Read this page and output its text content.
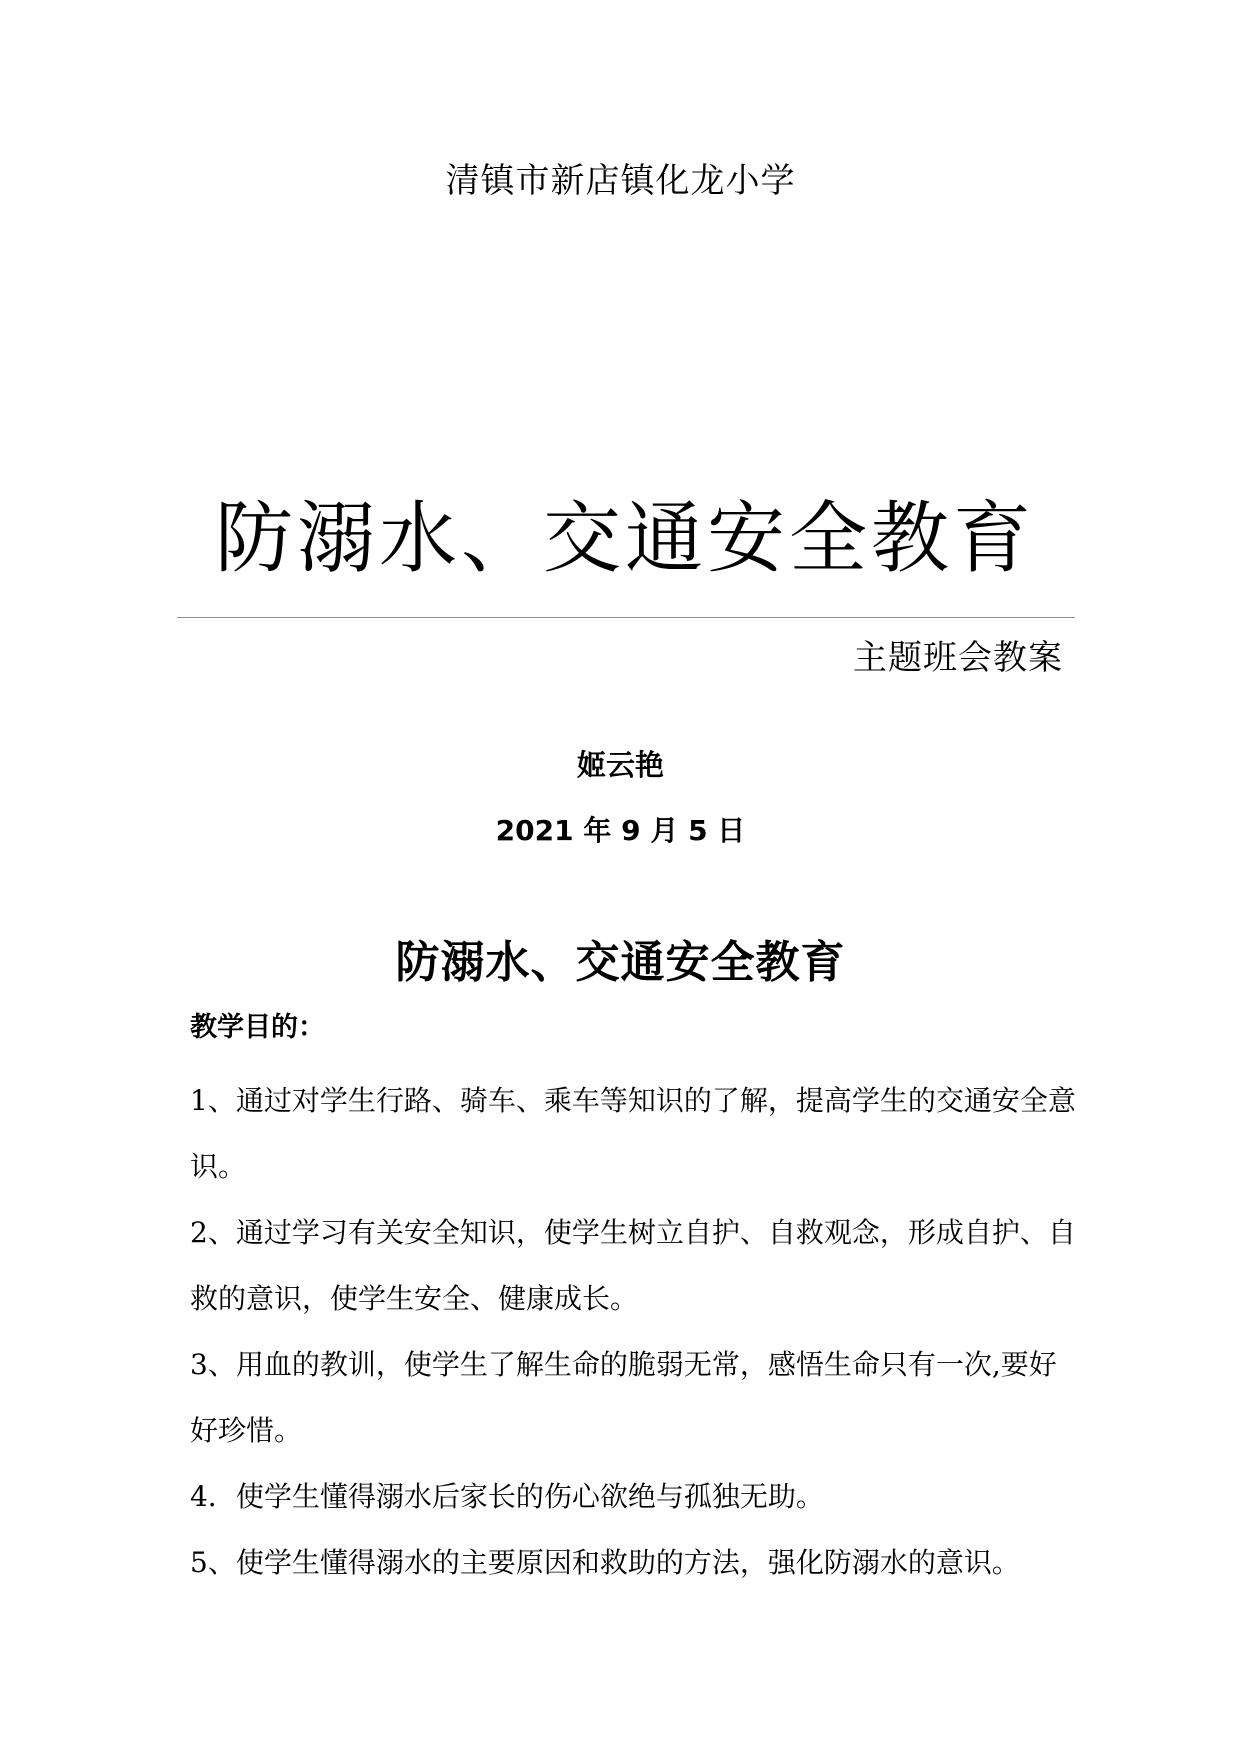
清镇市新店镇化龙小学
防溺水、交通安全教育
主题班会教案
姬云艳
2021 年 9 月 5 日
防溺水、交通安全教育
教学目的：
1、通过对学生行路、骑车、乘车等知识的了解，提高学生的交通安全意识。
2、通过学习有关安全知识，使学生树立自护、自救观念，形成自护、自救的意识，使学生安全、健康成长。
3、用血的教训，使学生了解生命的脆弱无常，感悟生命只有一次,要好好珍惜。
4．使学生懂得溺水后家长的伤心欲绝与孤独无助。
5、使学生懂得溺水的主要原因和救助的方法，强化防溺水的意识。
